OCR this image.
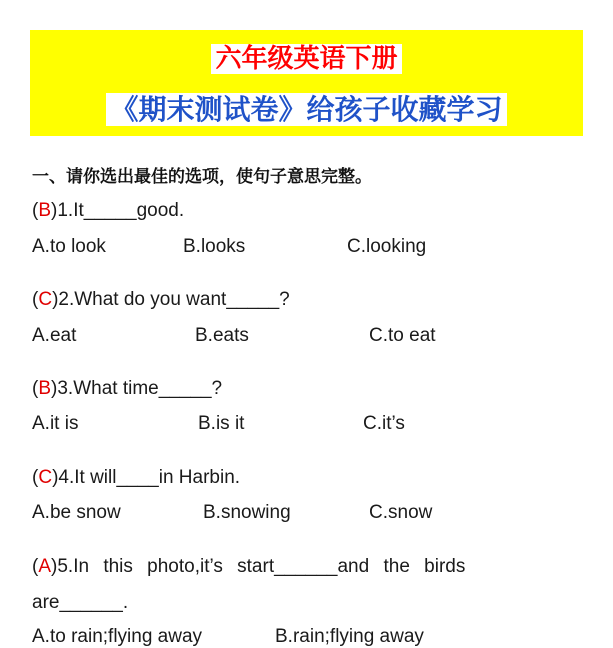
六年级英语下册
《期末测试卷》给孩子收藏学习
一、请你选出最佳的选项，使句子意思完整。
(B)1.It_____good.
A.to look	B.looks	C.looking
(C)2.What do you want_____?
A.eat	B.eats	C.to eat
(B)3.What time_____?
A.it is	B.is it	C.it’s
(C)4.It will____in Harbin.
A.be snow	B.snowing	C.snow
(A)5.In this photo,it’s start______and the birds
are______.
A.to rain;flying away	B.rain;flying away
